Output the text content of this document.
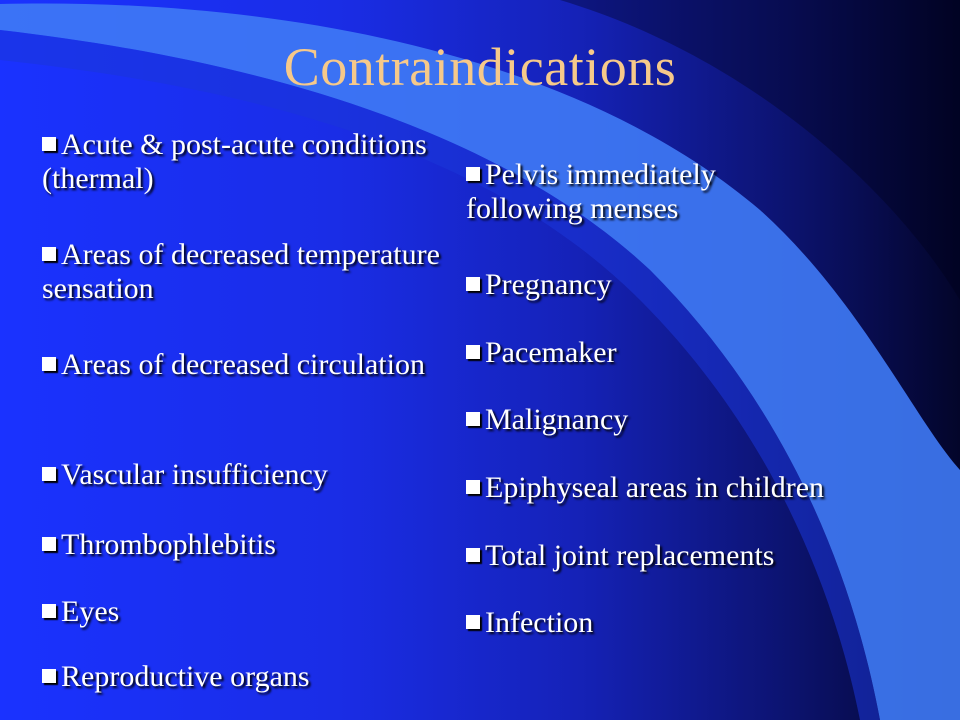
Contraindications
Acute & post-acute conditions (thermal)
Areas of decreased temperature sensation
Areas of decreased circulation
Vascular insufficiency
Thrombophlebitis
Eyes
Reproductive organs
Pelvis immediately following menses
Pregnancy
Pacemaker
Malignancy
Epiphyseal areas in children
Total joint replacements
Infection
